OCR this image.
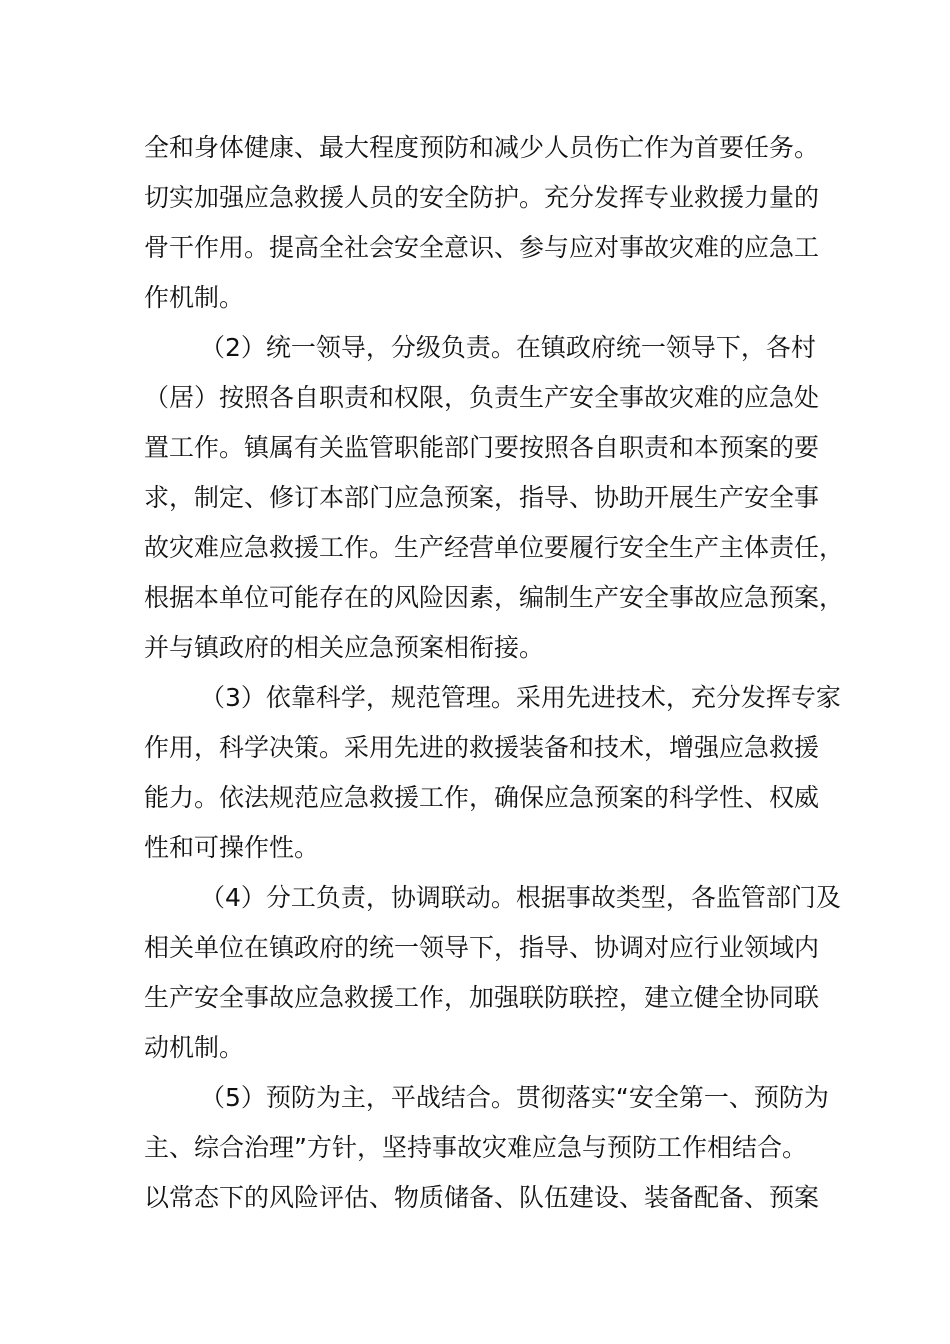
全和身体健康、最大程度预防和减少人员伤亡作为首要任务。
切实加强应急救援人员的安全防护。充分发挥专业救援力量的
骨干作用。提高全社会安全意识、参与应对事故灾难的应急工
作机制。
（2）统一领导，分级负责。在镇政府统一领导下，各村
（居）按照各自职责和权限，负责生产安全事故灾难的应急处
置工作。镇属有关监管职能部门要按照各自职责和本预案的要
求，制定、修订本部门应急预案，指导、协助开展生产安全事
故灾难应急救援工作。生产经营单位要履行安全生产主体责任，
根据本单位可能存在的风险因素，编制生产安全事故应急预案，
并与镇政府的相关应急预案相衔接。
（3）依靠科学，规范管理。采用先进技术，充分发挥专家
作用，科学决策。采用先进的救援装备和技术，增强应急救援
能力。依法规范应急救援工作，确保应急预案的科学性、权威
性和可操作性。
（4）分工负责，协调联动。根据事故类型，各监管部门及
相关单位在镇政府的统一领导下，指导、协调对应行业领域内
生产安全事故应急救援工作，加强联防联控，建立健全协同联
动机制。
（5）预防为主，平战结合。贯彻落实“安全第一、预防为
主、综合治理”方针，坚持事故灾难应急与预防工作相结合。
以常态下的风险评估、物质储备、队伍建设、装备配备、预案
